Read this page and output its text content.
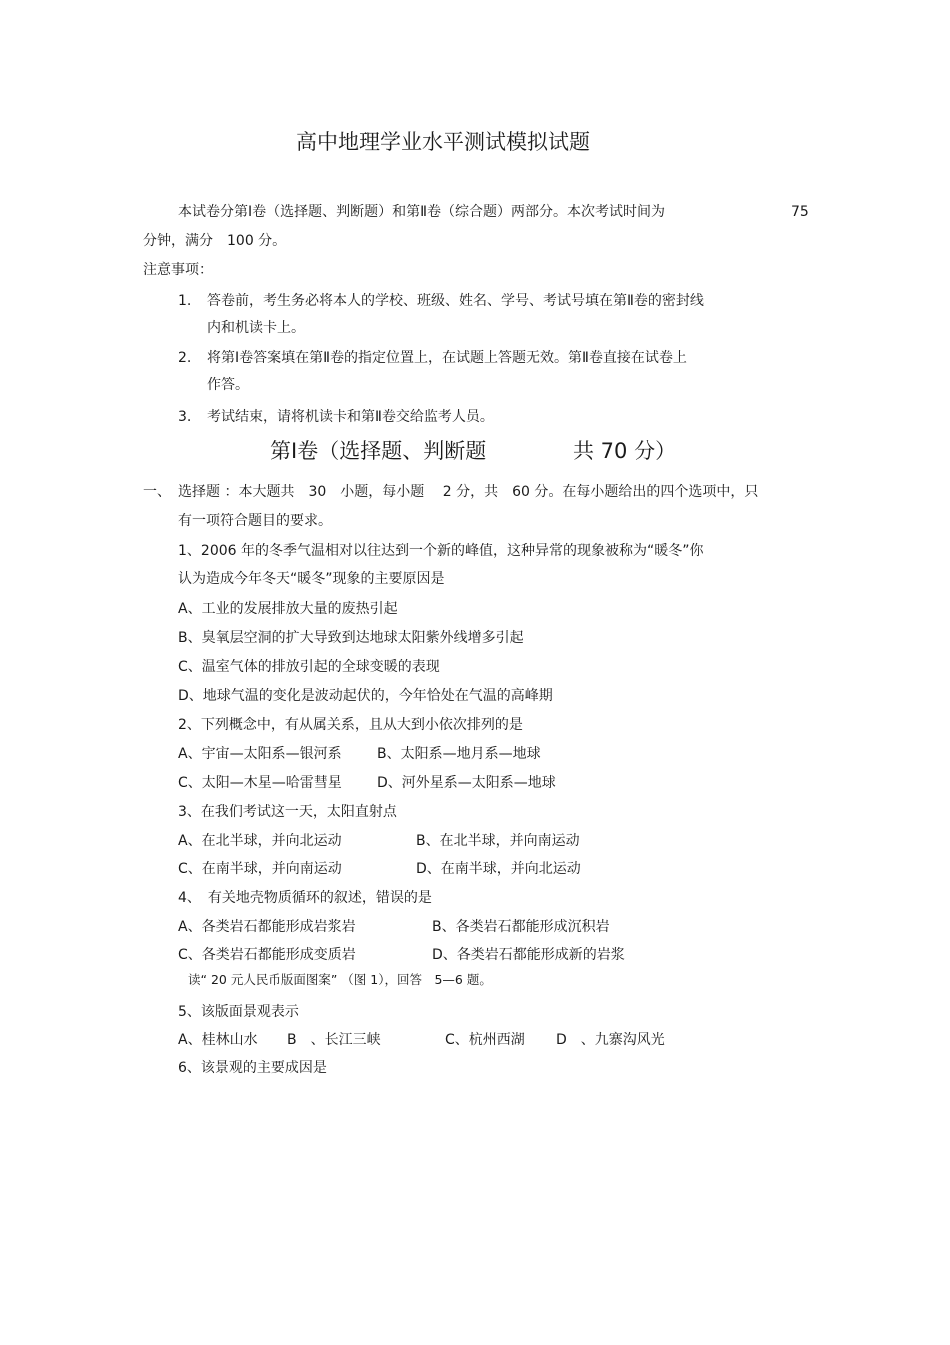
高中地理学业水平测试模拟试题
本试卷分第Ⅰ卷（选择题、判断题）和第Ⅱ卷（综合题）两部分。本次考试时间为	75
分钟，满分　100 分。
注意事项：
1. 答卷前，考生务必将本人的学校、班级、姓名、学号、考试号填在第Ⅱ卷的密封线
内和机读卡上。
2. 将第Ⅰ卷答案填在第Ⅱ卷的指定位置上，在试题上答题无效。第Ⅱ卷直接在试卷上
作答。
3. 考试结束，请将机读卡和第Ⅱ卷交给监考人员。
第Ⅰ卷（选择题、判断题	共 70 分）
一、 选择题 ：本大题共　30　小题，每小题　 2 分，共　60 分。在每小题给出的四个选项中，只
有一项符合题目的要求。
1、2006 年的冬季气温相对以往达到一个新的峰值，这种异常的现象被称为“暖冬”你
认为造成今年冬天“暖冬”现象的主要原因是
A、工业的发展排放大量的废热引起
B、臭氧层空洞的扩大导致到达地球太阳紫外线增多引起
C、温室气体的排放引起的全球变暖的表现
D、地球气温的变化是波动起伏的，今年恰处在气温的高峰期
2、下列概念中，有从属关系，且从大到小依次排列的是
A、宇宙—太阳系—银河系	B、太阳系—地月系—地球
C、太阳—木星—哈雷彗星	D、河外星系—太阳系—地球
3、在我们考试这一天，太阳直射点
A、在北半球，并向北运动	B、在北半球，并向南运动
C、在南半球，并向南运动	D、在南半球，并向北运动
4、　有关地壳物质循环的叙述，错误的是
A、各类岩石都能形成岩浆岩	B、各类岩石都能形成沉积岩
C、各类岩石都能形成变质岩	D、各类岩石都能形成新的岩浆
读“ 20 元人民币版面图案” （图 1），回答　5—6 题。
5、该版面景观表示
A、桂林山水 B　、长江三峡	C、杭州西湖 D　、九寨沟风光
6、该景观的主要成因是
